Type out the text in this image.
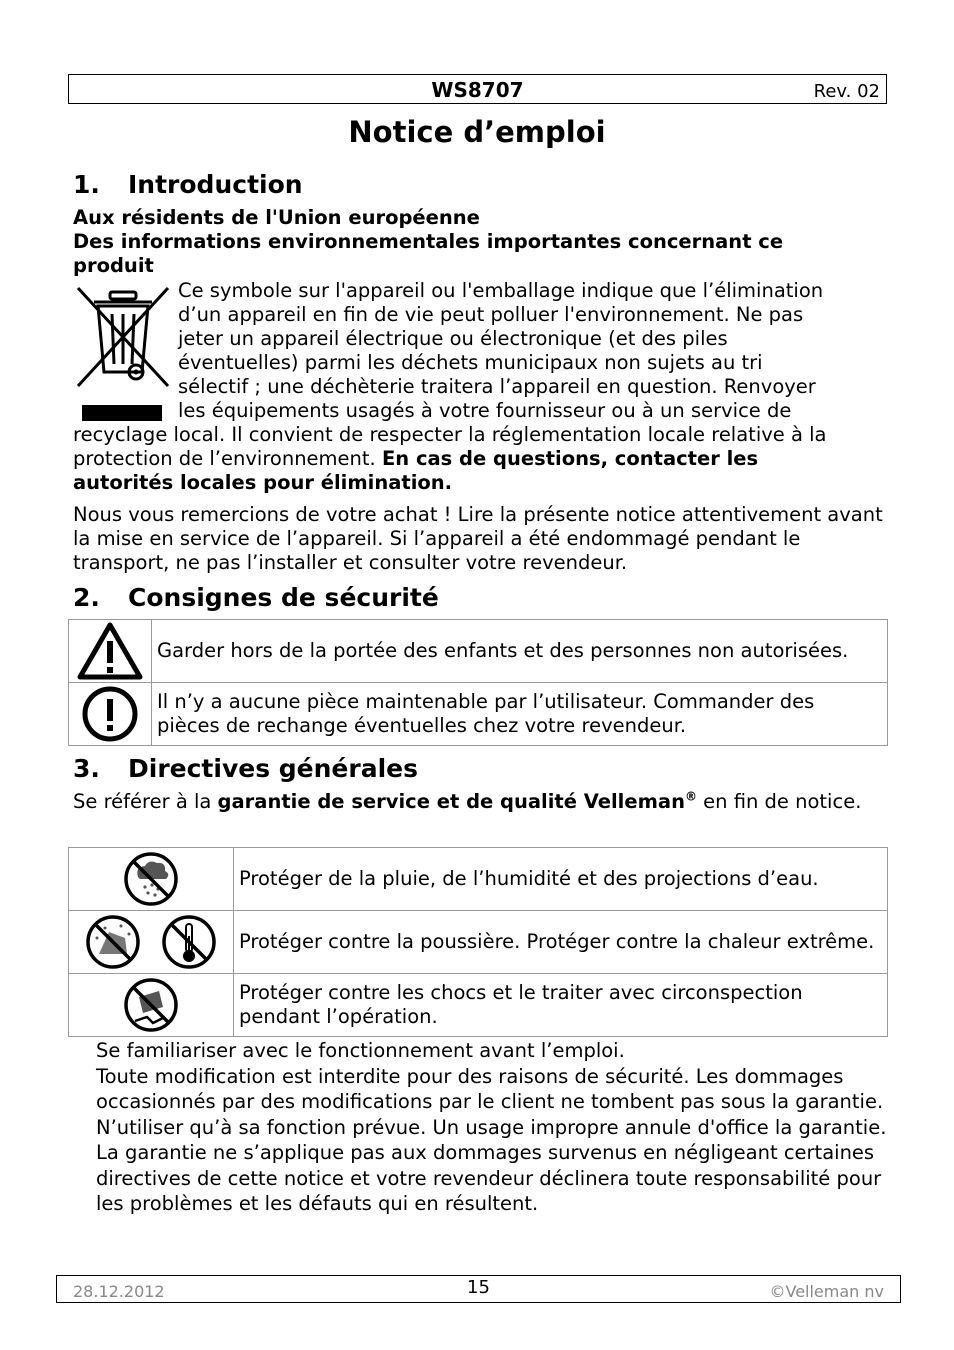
WS8707	Rev. 02
Notice d’emploi
1. Introduction
Aux résidents de l'Union européenne
Des informations environnementales importantes concernant ce produit
Ce symbole sur l'appareil ou l'emballage indique que l’élimination
d’un appareil en fin de vie peut polluer l'environnement. Ne pas
jeter un appareil électrique ou électronique (et des piles
éventuelles) parmi les déchets municipaux non sujets au tri
sélectif ; une déchèterie traitera l’appareil en question. Renvoyer
les équipements usagés à votre fournisseur ou à un service de
recyclage local. Il convient de respecter la réglementation locale relative à la
protection de l’environnement. En cas de questions, contacter les
autorités locales pour élimination.
Nous vous remercions de votre achat ! Lire la présente notice attentivement avant la mise en service de l’appareil. Si l’appareil a été endommagé pendant le transport, ne pas l’installer et consulter votre revendeur.
2. Consignes de sécurité
	Garder hors de la portée des enfants et des personnes non autorisées.
	Il n’y a aucune pièce maintenable par l’utilisateur. Commander des pièces de rechange éventuelles chez votre revendeur.
3. Directives générales
Se référer à la garantie de service et de qualité Velleman® en fin de notice.
	Protéger de la pluie, de l’humidité et des projections d’eau.
	Protéger contre la poussière. Protéger contre la chaleur extrême.
	Protéger contre les chocs et le traiter avec circonspection pendant l’opération.
Se familiariser avec le fonctionnement avant l’emploi.
Toute modification est interdite pour des raisons de sécurité. Les dommages occasionnés par des modifications par le client ne tombent pas sous la garantie.
N’utiliser qu’à sa fonction prévue. Un usage impropre annule d'office la garantie.
La garantie ne s’applique pas aux dommages survenus en négligeant certaines directives de cette notice et votre revendeur déclinera toute responsabilité pour les problèmes et les défauts qui en résultent.
28.12.2012	15	©Velleman nv
